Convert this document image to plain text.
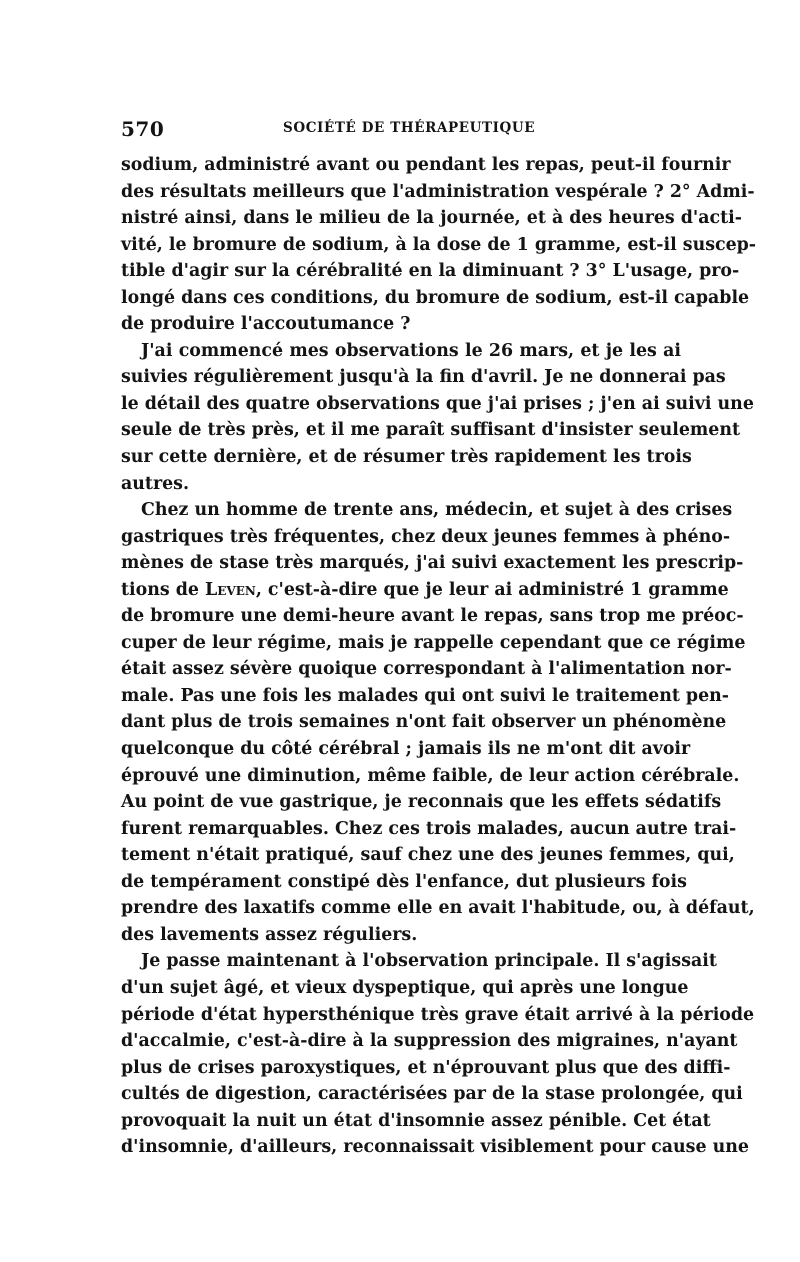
570	SOCIÉTÉ DE THÉRAPEUTIQUE
sodium, administré avant ou pendant les repas, peut-il fournir
des résultats meilleurs que l'administration vespérale ? 2° Admi-
nistré ainsi, dans le milieu de la journée, et à des heures d'acti-
vité, le bromure de sodium, à la dose de 1 gramme, est-il suscep-
tible d'agir sur la cérébralité en la diminuant ? 3° L'usage, pro-
longé dans ces conditions, du bromure de sodium, est-il capable
de produire l'accoutumance ?
J'ai commencé mes observations le 26 mars, et je les ai
suivies régulièrement jusqu'à la fin d'avril. Je ne donnerai pas
le détail des quatre observations que j'ai prises ; j'en ai suivi une
seule de très près, et il me paraît suffisant d'insister seulement
sur cette dernière, et de résumer très rapidement les trois
autres.
Chez un homme de trente ans, médecin, et sujet à des crises
gastriques très fréquentes, chez deux jeunes femmes à phéno-
mènes de stase très marqués, j'ai suivi exactement les prescrip-
tions de Leven, c'est-à-dire que je leur ai administré 1 gramme
de bromure une demi-heure avant le repas, sans trop me préoc-
cuper de leur régime, mais je rappelle cependant que ce régime
était assez sévère quoique correspondant à l'alimentation nor-
male. Pas une fois les malades qui ont suivi le traitement pen-
dant plus de trois semaines n'ont fait observer un phénomène
quelconque du côté cérébral ; jamais ils ne m'ont dit avoir
éprouvé une diminution, même faible, de leur action cérébrale.
Au point de vue gastrique, je reconnais que les effets sédatifs
furent remarquables. Chez ces trois malades, aucun autre trai-
tement n'était pratiqué, sauf chez une des jeunes femmes, qui,
de tempérament constipé dès l'enfance, dut plusieurs fois
prendre des laxatifs comme elle en avait l'habitude, ou, à défaut,
des lavements assez réguliers.
Je passe maintenant à l'observation principale. Il s'agissait
d'un sujet âgé, et vieux dyspeptique, qui après une longue
période d'état hypersthénique très grave était arrivé à la période
d'accalmie, c'est-à-dire à la suppression des migraines, n'ayant
plus de crises paroxystiques, et n'éprouvant plus que des diffi-
cultés de digestion, caractérisées par de la stase prolongée, qui
provoquait la nuit un état d'insomnie assez pénible. Cet état
d'insomnie, d'ailleurs, reconnaissait visiblement pour cause une
